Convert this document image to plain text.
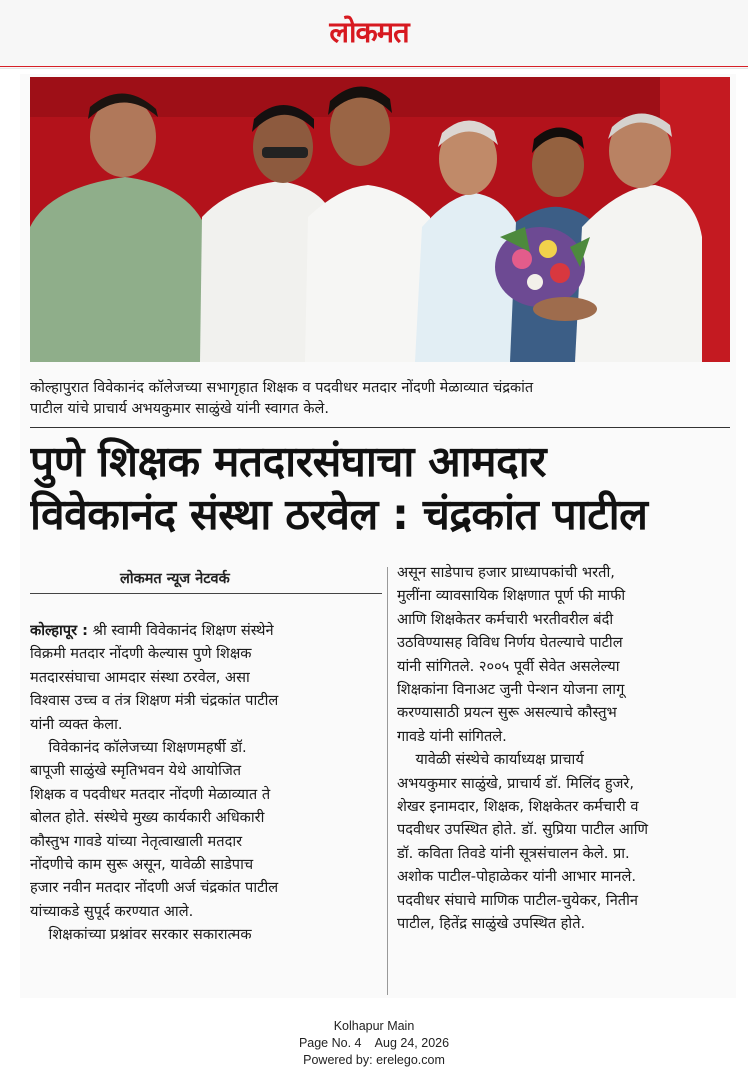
लोकमत
कोल्हापुरात विवेकानंद कॉलेजच्या सभागृहात शिक्षक व पदवीधर मतदार नोंदणी मेळाव्यात चंद्रकांत
पाटील यांचे प्राचार्य अभयकुमार साळुंखे यांनी स्वागत केले.
पुणे शिक्षक मतदारसंघाचा आमदार
विवेकानंद संस्था ठरवेल : चंद्रकांत पाटील
लोकमत न्यूज नेटवर्क
कोल्हापूर : श्री स्वामी विवेकानंद शिक्षण संस्थेने
विक्रमी मतदार नोंदणी केल्यास पुणे शिक्षक
मतदारसंघाचा आमदार संस्था ठरवेल, असा
विश्वास उच्च व तंत्र शिक्षण मंत्री चंद्रकांत पाटील
यांनी व्यक्त केला.
विवेकानंद कॉलेजच्या शिक्षणमहर्षी डॉ.
बापूजी साळुंखे स्मृतिभवन येथे आयोजित
शिक्षक व पदवीधर मतदार नोंदणी मेळाव्यात ते
बोलत होते. संस्थेचे मुख्य कार्यकारी अधिकारी
कौस्तुभ गावडे यांच्या नेतृत्वाखाली मतदार
नोंदणीचे काम सुरू असून, यावेळी साडेपाच
हजार नवीन मतदार नोंदणी अर्ज चंद्रकांत पाटील
यांच्याकडे सुपूर्द करण्यात आले.
शिक्षकांच्या प्रश्नांवर सरकार सकारात्मक
असून साडेपाच हजार प्राध्यापकांची भरती,
मुलींना व्यावसायिक शिक्षणात पूर्ण फी माफी
आणि शिक्षकेतर कर्मचारी भरतीवरील बंदी
उठविण्यासह विविध निर्णय घेतल्याचे पाटील
यांनी सांगितले. २००५ पूर्वी सेवेत असलेल्या
शिक्षकांना विनाअट जुनी पेन्शन योजना लागू
करण्यासाठी प्रयत्न सुरू असल्याचे कौस्तुभ
गावडे यांनी सांगितले.
यावेळी संस्थेचे कार्याध्यक्ष प्राचार्य
अभयकुमार साळुंखे, प्राचार्य डॉ. मिलिंद हुजरे,
शेखर इनामदार, शिक्षक, शिक्षकेतर कर्मचारी व
पदवीधर उपस्थित होते. डॉ. सुप्रिया पाटील आणि
डॉ. कविता तिवडे यांनी सूत्रसंचालन केले. प्रा.
अशोक पाटील-पोहाळेकर यांनी आभार मानले.
पदवीधर संघाचे माणिक पाटील-चुयेकर, नितीन
पाटील, हितेंद्र साळुंखे उपस्थित होते.
Kolhapur Main
Page No. 4    Aug 24, 2026
Powered by: erelego.com
